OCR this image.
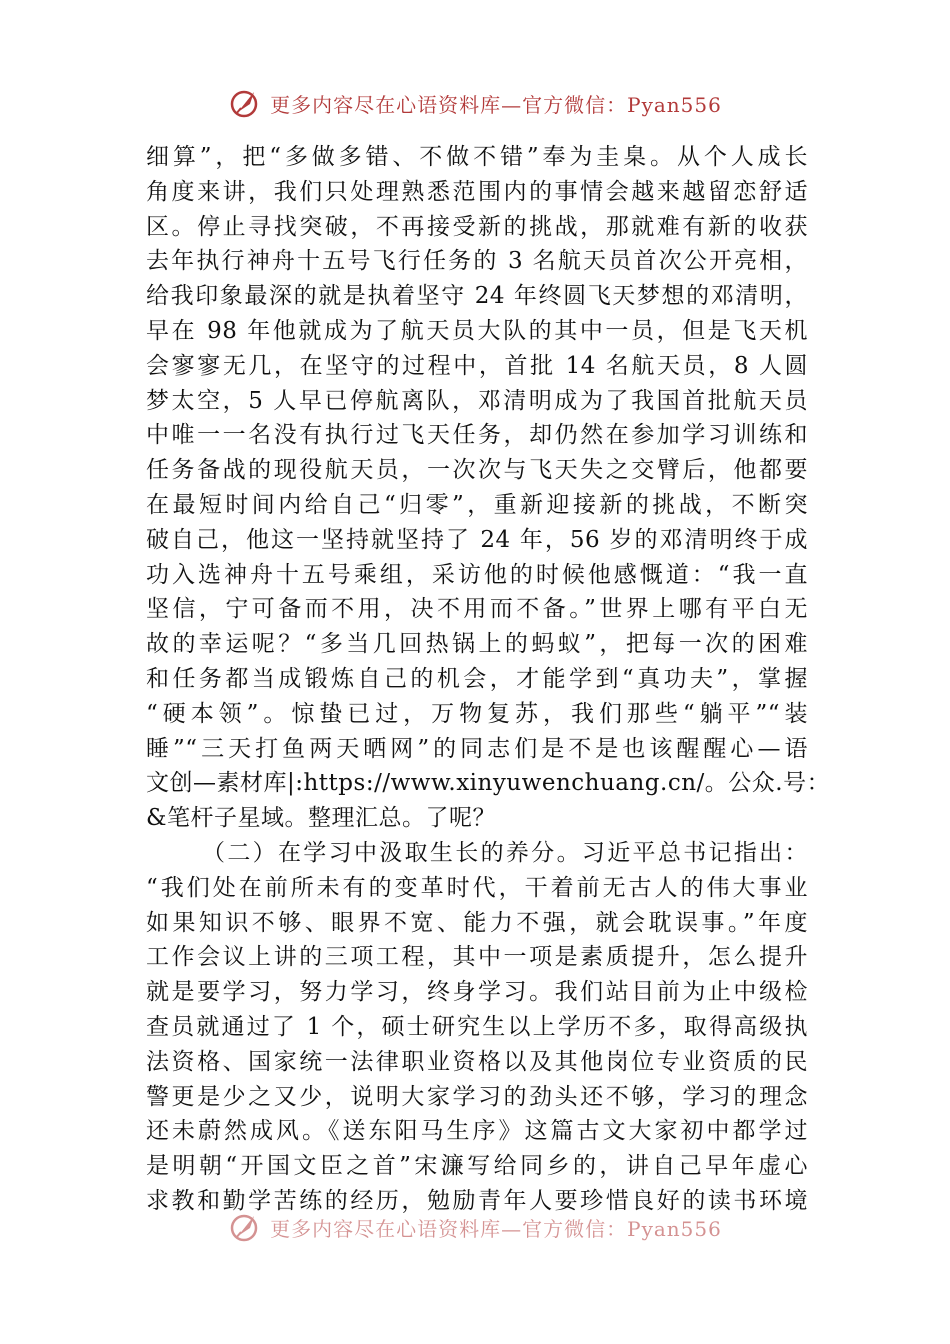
更多内容尽在心语资料库—官方微信：Pyan556
细算”，把“多做多错、不做不错”奉为圭臬。从个人成长
角度来讲，我们只处理熟悉范围内的事情会越来越留恋舒适
区。停止寻找突破，不再接受新的挑战，那就难有新的收获
去年执行神舟十五号飞行任务的 3 名航天员首次公开亮相，
给我印象最深的就是执着坚守 24 年终圆飞天梦想的邓清明，
早在 98 年他就成为了航天员大队的其中一员，但是飞天机
会寥寥无几，在坚守的过程中，首批 14 名航天员，8 人圆
梦太空，5 人早已停航离队，邓清明成为了我国首批航天员
中唯一一名没有执行过飞天任务，却仍然在参加学习训练和
任务备战的现役航天员，一次次与飞天失之交臂后，他都要
在最短时间内给自己“归零”，重新迎接新的挑战，不断突
破自己，他这一坚持就坚持了 24 年，56 岁的邓清明终于成
功入选神舟十五号乘组，采访他的时候他感慨道：“我一直
坚信，宁可备而不用，决不用而不备。”世界上哪有平白无
故的幸运呢？“多当几回热锅上的蚂蚁”，把每一次的困难
和任务都当成锻炼自己的机会，才能学到“真功夫”，掌握
“硬本领”。惊蛰已过，万物复苏，我们那些“躺平”“装
睡”“三天打鱼两天晒网”的同志们是不是也该醒醒心—语
文创—素材库|:https://www.xinyuwenchuang.cn/。公众.号：
&笔杆子星域。整理汇总。了呢？
（二）在学习中汲取生长的养分。习近平总书记指出：
“我们处在前所未有的变革时代，干着前无古人的伟大事业
如果知识不够、眼界不宽、能力不强，就会耽误事。”年度
工作会议上讲的三项工程，其中一项是素质提升，怎么提升
就是要学习，努力学习，终身学习。我们站目前为止中级检
查员就通过了 1 个，硕士研究生以上学历不多，取得高级执
法资格、国家统一法律职业资格以及其他岗位专业资质的民
警更是少之又少，说明大家学习的劲头还不够，学习的理念
还未蔚然成风。《送东阳马生序》这篇古文大家初中都学过
是明朝“开国文臣之首”宋濂写给同乡的，讲自己早年虚心
求教和勤学苦练的经历，勉励青年人要珍惜良好的读书环境
更多内容尽在心语资料库—官方微信：Pyan556
